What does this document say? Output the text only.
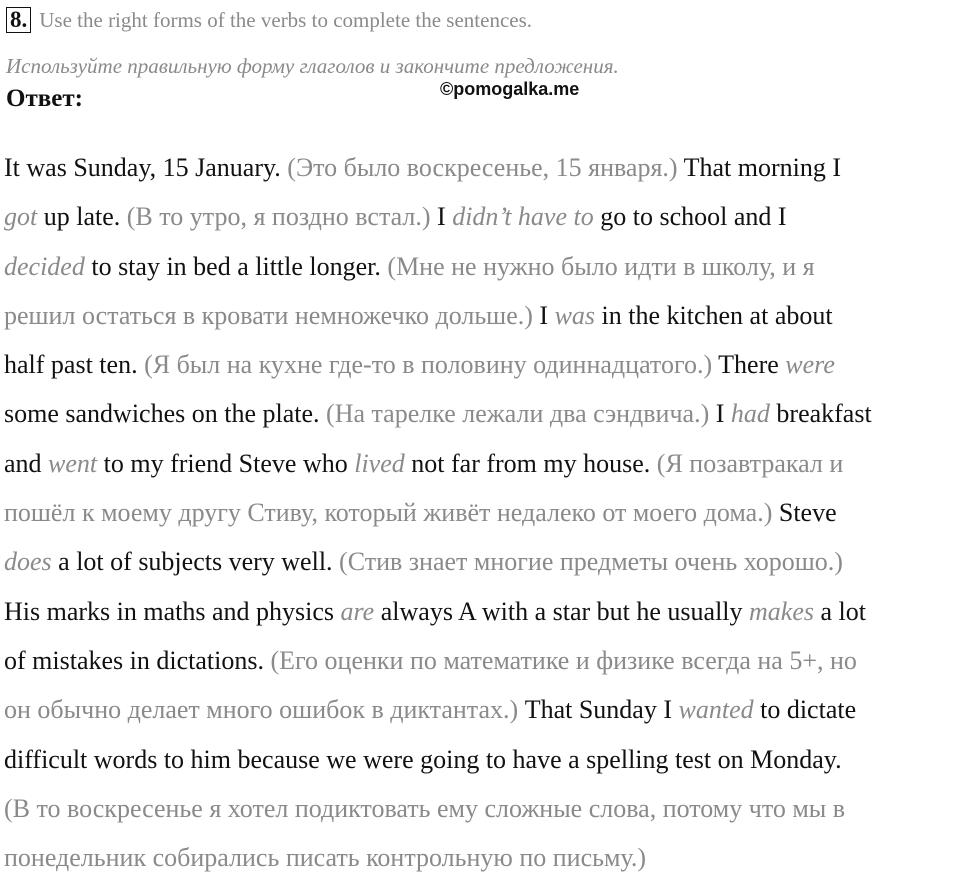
8. Use the right forms of the verbs to complete the sentences.
Используйте правильную форму глаголов и закончите предложения.
Ответ:	©pomogalka.me
It was Sunday, 15 January. (Это было воскресенье, 15 января.) That morning I
got up late. (В то утро, я поздно встал.) I didn’t have to go to school and I
decided to stay in bed a little longer. (Мне не нужно было идти в школу, и я
решил остаться в кровати немножечко дольше.) I was in the kitchen at about
half past ten. (Я был на кухне где-то в половину одиннадцатого.) There were
some sandwiches on the plate. (На тарелке лежали два сэндвича.) I had breakfast
and went to my friend Steve who lived not far from my house. (Я позавтракал и
пошёл к моему другу Стиву, который живёт недалеко от моего дома.) Steve
does a lot of subjects very well. (Стив знает многие предметы очень хорошо.)
His marks in maths and physics are always A with a star but he usually makes a lot
of mistakes in dictations. (Его оценки по математике и физике всегда на 5+, но
он обычно делает много ошибок в диктантах.) That Sunday I wanted to dictate
difficult words to him because we were going to have a spelling test on Monday.
(В то воскресенье я хотел подиктовать ему сложные слова, потому что мы в
понедельник собирались писать контрольную по письму.)
